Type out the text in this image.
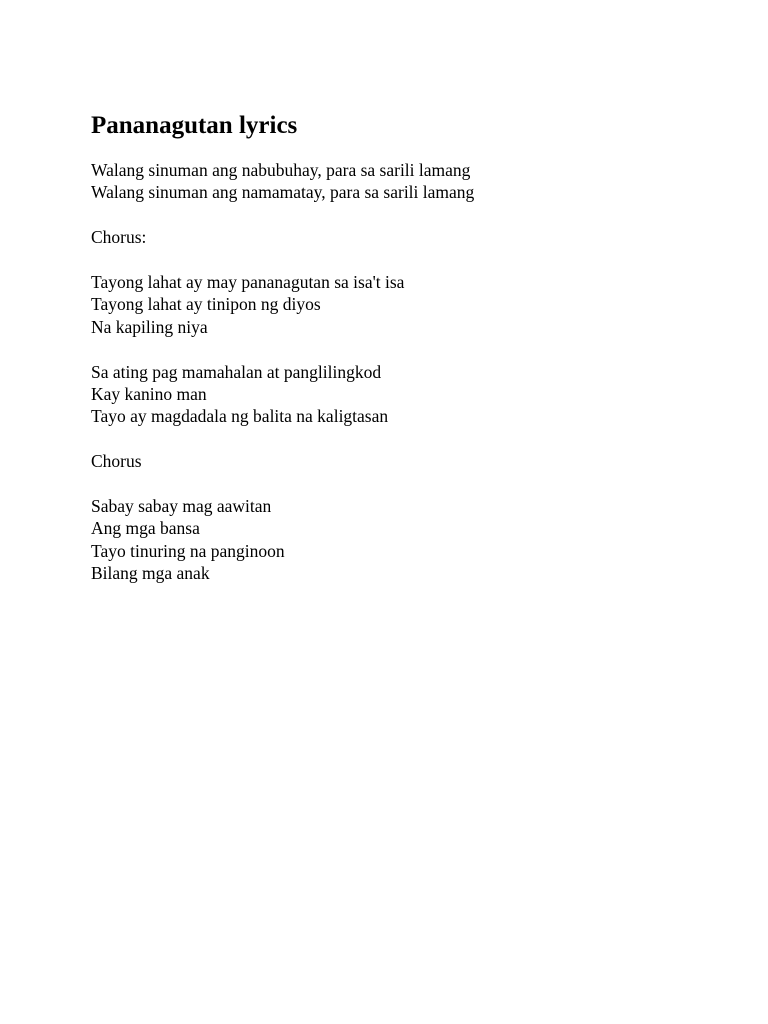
Pananagutan lyrics
Walang sinuman ang nabubuhay, para sa sarili lamang
Walang sinuman ang namamatay, para sa sarili lamang
Chorus:
Tayong lahat ay may pananagutan sa isa't isa
Tayong lahat ay tinipon ng diyos
Na kapiling niya
Sa ating pag mamahalan at panglilingkod
Kay kanino man
Tayo ay magdadala ng balita na kaligtasan
Chorus
Sabay sabay mag aawitan
Ang mga bansa
Tayo tinuring na panginoon
Bilang mga anak
